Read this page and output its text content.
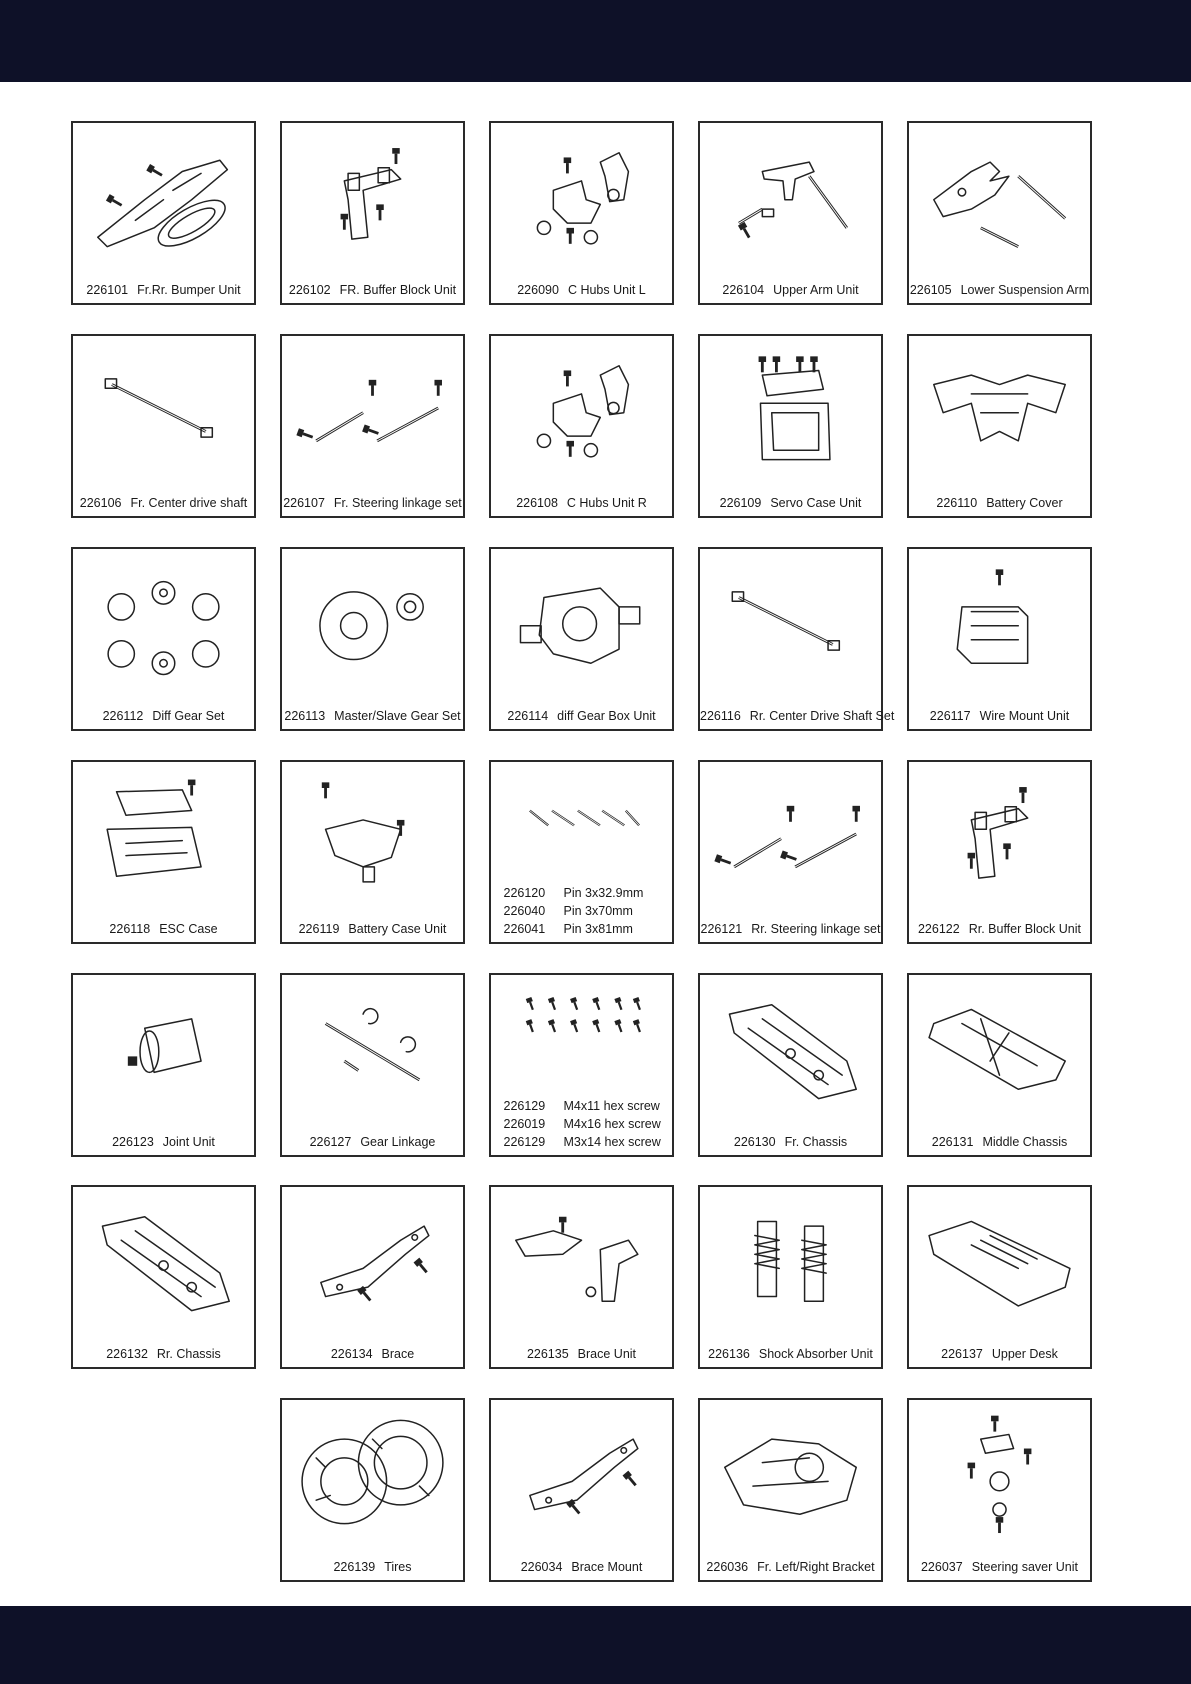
226101 Fr.Rr. Bumper Unit	226102 FR. Buffer Block Unit	226090 C Hubs Unit L	226104 Upper Arm Unit	226105 Lower Suspension Arm
226106 Fr. Center drive shaft	226107 Fr. Steering linkage set	226108 C Hubs Unit R	226109 Servo Case Unit	226110 Battery Cover
226112 Diff Gear Set	226113 Master/Slave Gear Set	226114 diff Gear Box Unit	226116 Rr. Center Drive Shaft Set	226117 Wire Mount Unit
226118 ESC Case	226119 Battery Case Unit
226120 Pin 3x32.9mm
226040 Pin 3x70mm
226041 Pin 3x81mm	226121 Rr. Steering linkage set	226122 Rr. Buffer Block Unit
226123 Joint Unit	226127 Gear Linkage
226129 M4x11 hex screw
226019 M4x16 hex screw
226129 M3x14 hex screw	226130 Fr. Chassis	226131 Middle Chassis
226132 Rr. Chassis	226134 Brace	226135 Brace Unit	226136 Shock Absorber Unit	226137 Upper Desk
226139 Tires	226034 Brace Mount	226036 Fr. Left/Right Bracket	226037 Steering saver Unit
